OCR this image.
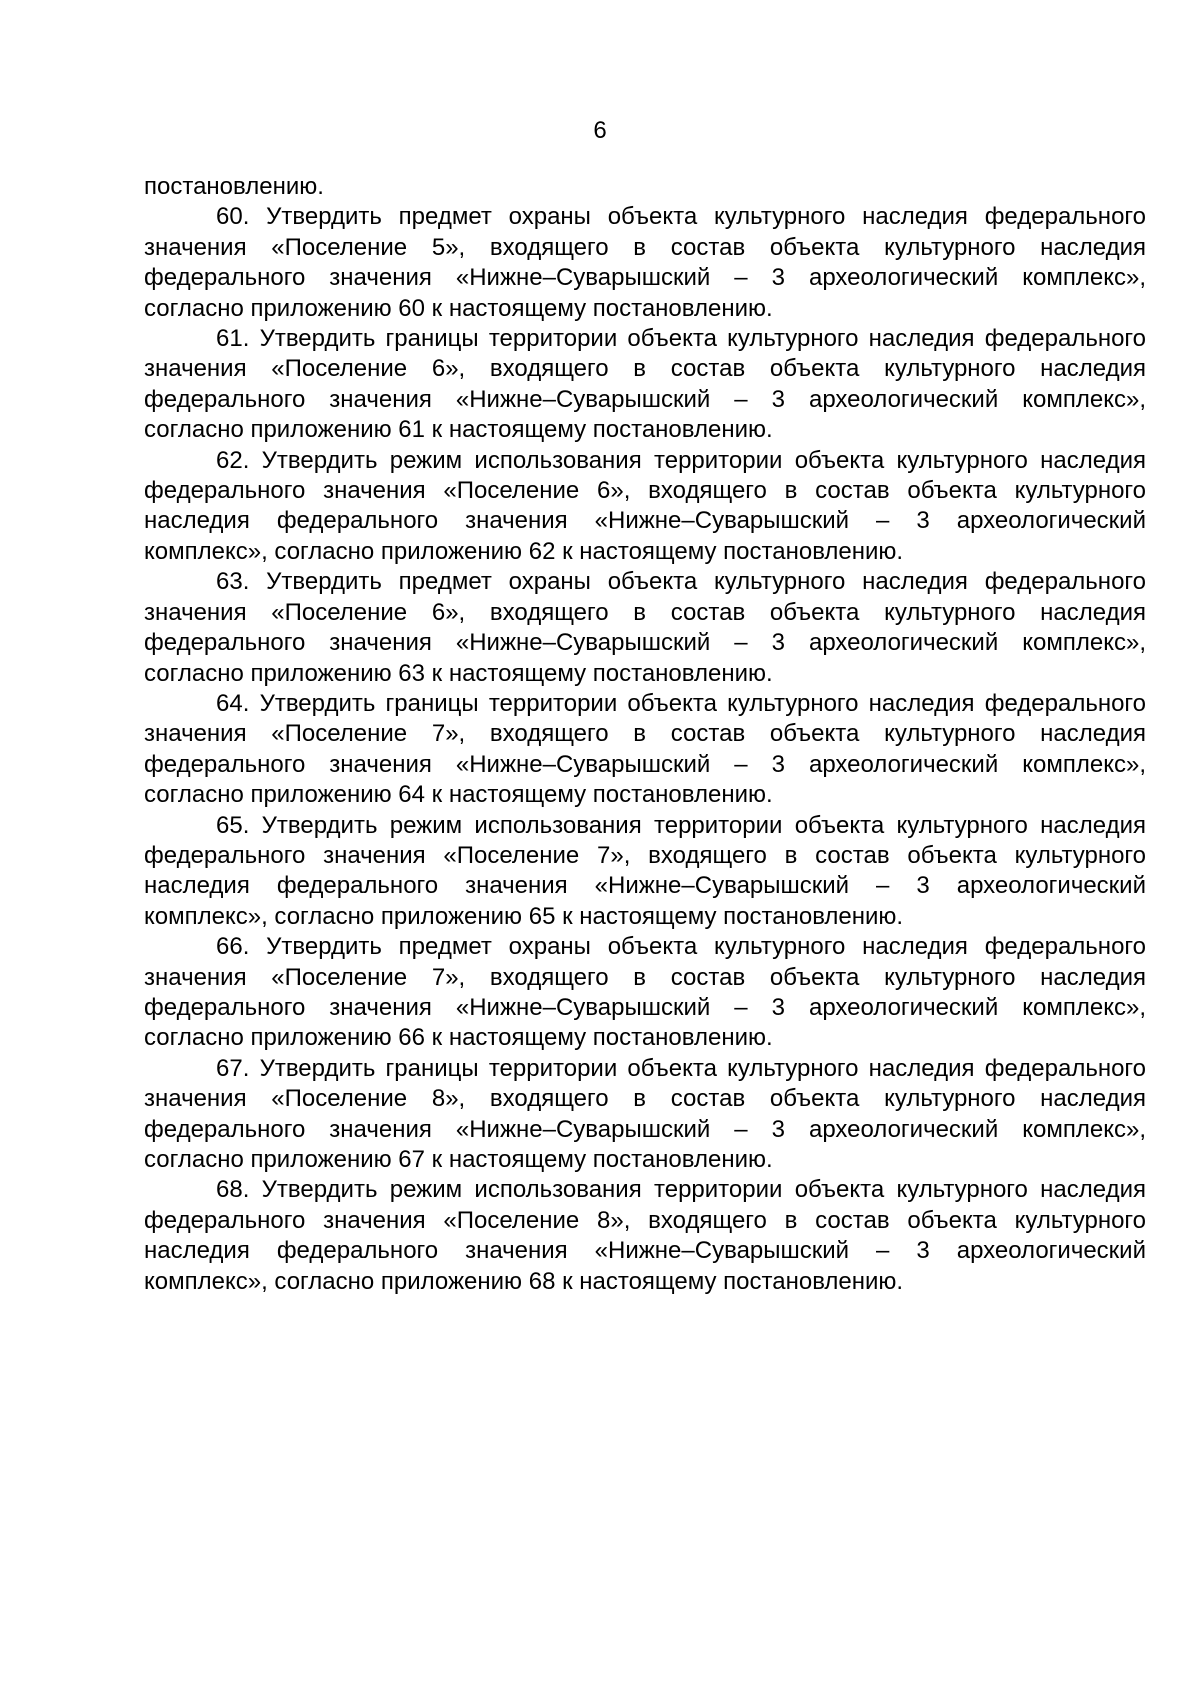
6

постановлению.

60. Утвердить предмет охраны объекта культурного наследия федерального значения «Поселение 5», входящего в состав объекта культурного наследия федерального значения «Нижне–Суварышский – 3 археологический комплекс», согласно приложению 60 к настоящему постановлению.

61. Утвердить границы территории объекта культурного наследия федерального значения «Поселение 6», входящего в состав объекта культурного наследия федерального значения «Нижне–Суварышский – 3 археологический комплекс», согласно приложению 61 к настоящему постановлению.

62. Утвердить режим использования территории объекта культурного наследия федерального значения «Поселение 6», входящего в состав объекта культурного наследия федерального значения «Нижне–Суварышский – 3 археологический комплекс», согласно приложению 62 к настоящему постановлению.

63. Утвердить предмет охраны объекта культурного наследия федерального значения «Поселение 6», входящего в состав объекта культурного наследия федерального значения «Нижне–Суварышский – 3 археологический комплекс», согласно приложению 63 к настоящему постановлению.

64. Утвердить границы территории объекта культурного наследия федерального значения «Поселение 7», входящего в состав объекта культурного наследия федерального значения «Нижне–Суварышский – 3 археологический комплекс», согласно приложению 64 к настоящему постановлению.

65. Утвердить режим использования территории объекта культурного наследия федерального значения «Поселение 7», входящего в состав объекта культурного наследия федерального значения «Нижне–Суварышский – 3 археологический комплекс», согласно приложению 65 к настоящему постановлению.

66. Утвердить предмет охраны объекта культурного наследия федерального значения «Поселение 7», входящего в состав объекта культурного наследия федерального значения «Нижне–Суварышский – 3 археологический комплекс», согласно приложению 66 к настоящему постановлению.

67. Утвердить границы территории объекта культурного наследия федерального значения «Поселение 8», входящего в состав объекта культурного наследия федерального значения «Нижне–Суварышский – 3 археологический комплекс», согласно приложению 67 к настоящему постановлению.

68. Утвердить режим использования территории объекта культурного наследия федерального значения «Поселение 8», входящего в состав объекта культурного наследия федерального значения «Нижне–Суварышский – 3 археологический комплекс», согласно приложению 68 к настоящему постановлению.
